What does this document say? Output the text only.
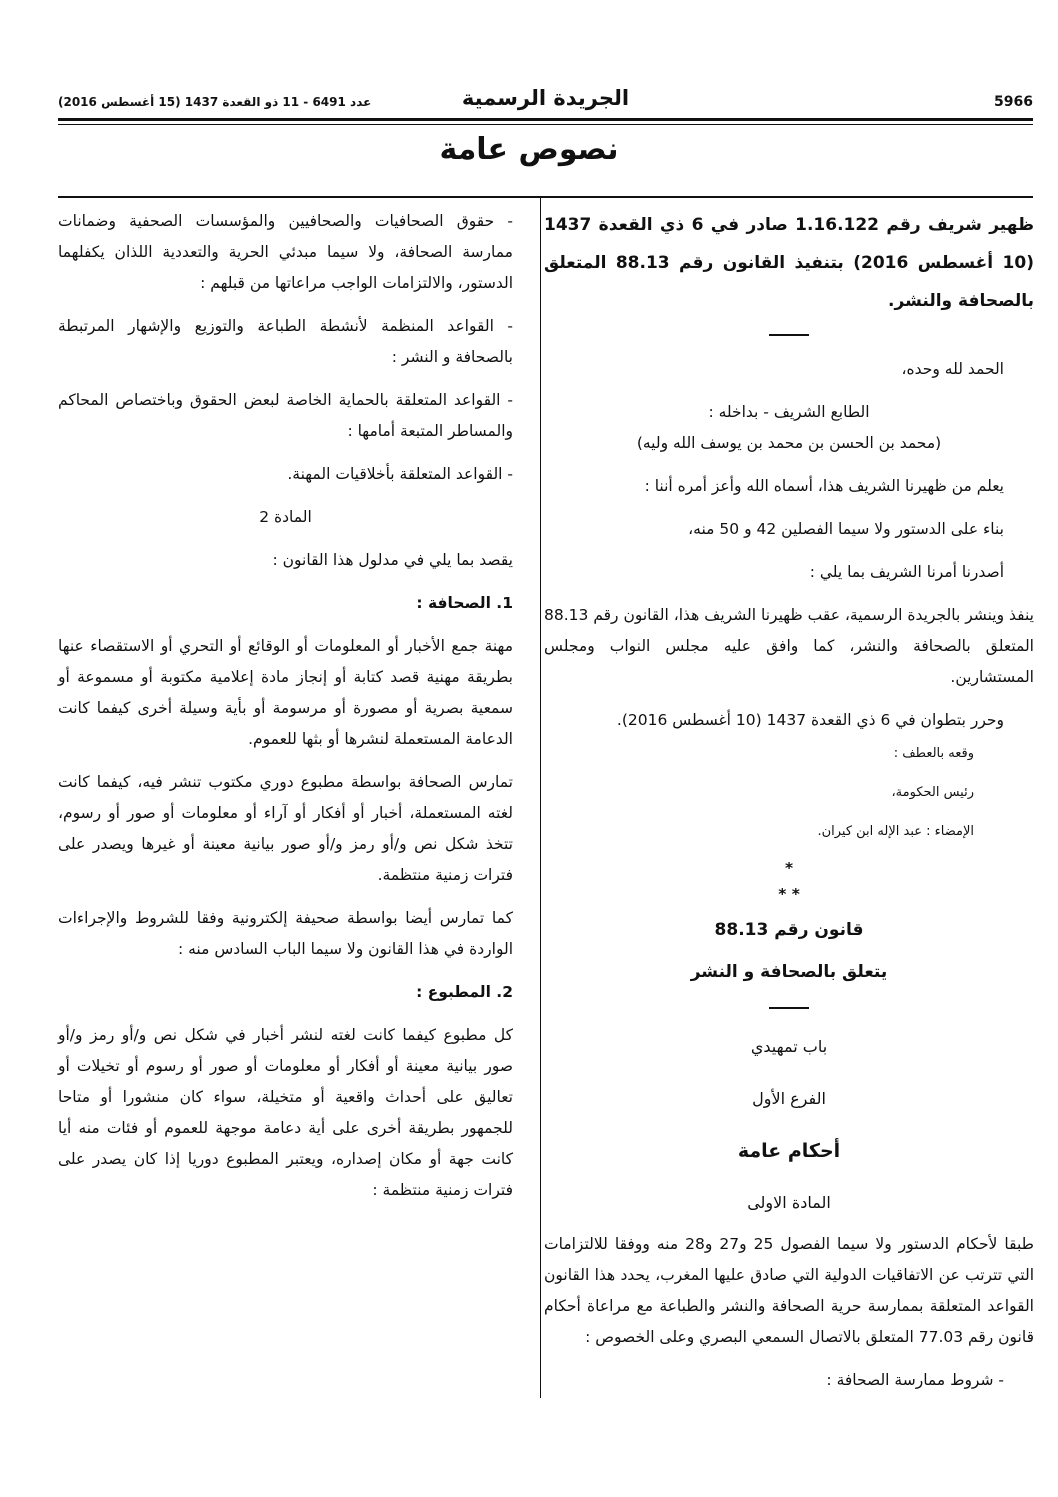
5966
الجريدة الرسمية
عدد 6491 - 11 ذو القعدة 1437 (15 أغسطس 2016)
نصوص عامة

ظهير شريف رقم 1.16.122 صادر في 6 ذي القعدة 1437 (10 أغسطس 2016) بتنفيذ القانون رقم 88.13 المتعلق بالصحافة والنشر.

الحمد لله وحده،

الطابع الشريف - بداخله :

(محمد بن الحسن بن محمد بن يوسف الله وليه)

يعلم من ظهيرنا الشريف هذا، أسماه الله وأعز أمره أننا :

بناء على الدستور ولا سيما الفصلين 42 و 50 منه،

أصدرنا أمرنا الشريف بما يلي :

ينفذ وينشر بالجريدة الرسمية، عقب ظهيرنا الشريف هذا، القانون رقم 88.13 المتعلق بالصحافة والنشر، كما وافق عليه مجلس النواب ومجلس المستشارين.

وحرر بتطوان في 6 ذي القعدة 1437 (10 أغسطس 2016).

وقعه بالعطف :

رئيس الحكومة،

الإمضاء : عبد الإله ابن كيران.

*
* *

قانون رقم 88.13

يتعلق بالصحافة و النشر

باب تمهيدي

الفرع الأول

أحكام عامة

المادة الاولى

طبقا لأحكام الدستور ولا سيما الفصول 25 و27 و28 منه ووفقا للالتزامات التي تترتب عن الاتفاقيات الدولية التي صادق عليها المغرب، يحدد هذا القانون القواعد المتعلقة بممارسة حرية الصحافة والنشر والطباعة مع مراعاة أحكام قانون رقم 77.03 المتعلق بالاتصال السمعي البصري وعلى الخصوص :

- شروط ممارسة الصحافة :

- حقوق الصحافيات والصحافيين والمؤسسات الصحفية وضمانات ممارسة الصحافة، ولا سيما مبدئي الحرية والتعددية اللذان يكفلهما الدستور، والالتزامات الواجب مراعاتها من قبلهم :

- القواعد المنظمة لأنشطة الطباعة والتوزيع والإشهار المرتبطة بالصحافة و النشر :

- القواعد المتعلقة بالحماية الخاصة لبعض الحقوق وباختصاص المحاكم والمساطر المتبعة أمامها :

- القواعد المتعلقة بأخلاقيات المهنة.

المادة 2

يقصد بما يلي في مدلول هذا القانون :

1. الصحافة :

مهنة جمع الأخبار أو المعلومات أو الوقائع أو التحري أو الاستقصاء عنها بطريقة مهنية قصد كتابة أو إنجاز مادة إعلامية مكتوبة أو مسموعة أو سمعية بصرية أو مصورة أو مرسومة أو بأية وسيلة أخرى كيفما كانت الدعامة المستعملة لنشرها أو بثها للعموم.

تمارس الصحافة بواسطة مطبوع دوري مكتوب تنشر فيه، كيفما كانت لغته المستعملة، أخبار أو أفكار أو آراء أو معلومات أو صور أو رسوم، تتخذ شكل نص و/أو رمز و/أو صور بيانية معينة أو غيرها ويصدر على فترات زمنية منتظمة.

كما تمارس أيضا بواسطة صحيفة إلكترونية وفقا للشروط والإجراءات الواردة في هذا القانون ولا سيما الباب السادس منه :

2. المطبوع :

كل مطبوع كيفما كانت لغته لنشر أخبار في شكل نص و/أو رمز و/أو صور بيانية معينة أو أفكار أو معلومات أو صور أو رسوم أو تخيلات أو تعاليق على أحداث واقعية أو متخيلة، سواء كان منشورا أو متاحا للجمهور بطريقة أخرى على أية دعامة موجهة للعموم أو فئات منه أيا كانت جهة أو مكان إصداره، ويعتبر المطبوع دوريا إذا كان يصدر على فترات زمنية منتظمة :
